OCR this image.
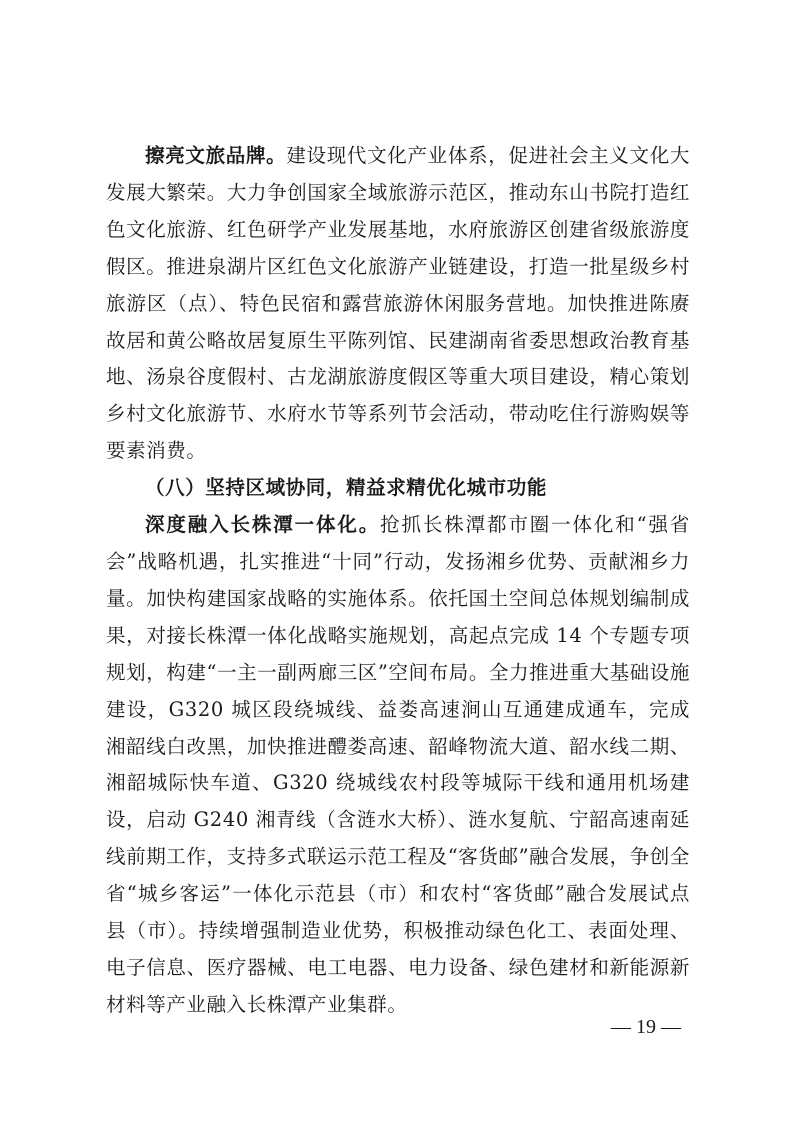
擦亮文旅品牌。建设现代文化产业体系，促进社会主义文化大发展大繁荣。大力争创国家全域旅游示范区，推动东山书院打造红色文化旅游、红色研学产业发展基地，水府旅游区创建省级旅游度假区。推进泉湖片区红色文化旅游产业链建设，打造一批星级乡村旅游区（点）、特色民宿和露营旅游休闲服务营地。加快推进陈赓故居和黄公略故居复原生平陈列馆、民建湖南省委思想政治教育基地、汤泉谷度假村、古龙湖旅游度假区等重大项目建设，精心策划乡村文化旅游节、水府水节等系列节会活动，带动吃住行游购娱等要素消费。

（八）坚持区域协同，精益求精优化城市功能

深度融入长株潭一体化。抢抓长株潭都市圈一体化和“强省会”战略机遇，扎实推进“十同”行动，发扬湘乡优势、贡献湘乡力量。加快构建国家战略的实施体系。依托国土空间总体规划编制成果，对接长株潭一体化战略实施规划，高起点完成 14 个专题专项规划，构建“一主一副两廊三区”空间布局。全力推进重大基础设施建设，G320 城区段绕城线、益娄高速涧山互通建成通车，完成湘韶线白改黑，加快推进醴娄高速、韶峰物流大道、韶水线二期、湘韶城际快车道、G320 绕城线农村段等城际干线和通用机场建设，启动 G240 湘青线（含涟水大桥）、涟水复航、宁韶高速南延线前期工作，支持多式联运示范工程及“客货邮”融合发展，争创全省“城乡客运”一体化示范县（市）和农村“客货邮”融合发展试点县（市）。持续增强制造业优势，积极推动绿色化工、表面处理、电子信息、医疗器械、电工电器、电力设备、绿色建材和新能源新材料等产业融入长株潭产业集群。

— 19 —
